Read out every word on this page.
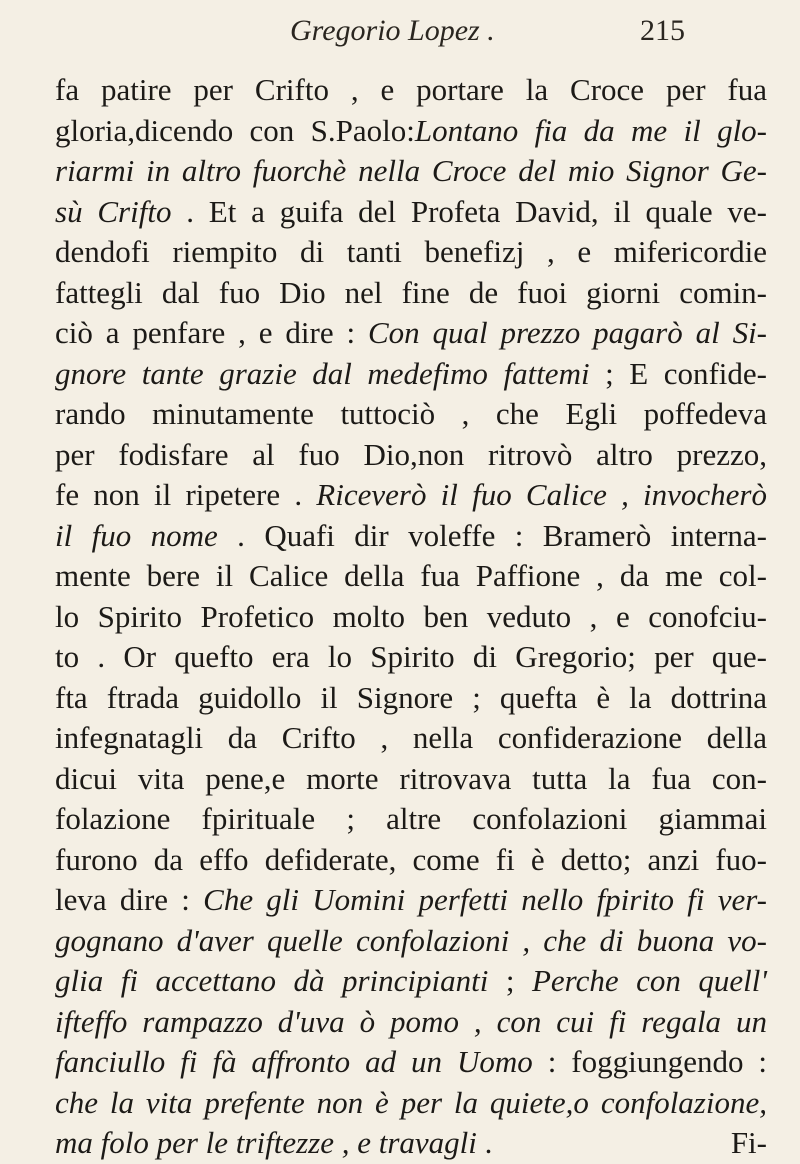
Gregorio Lopez .	215
fa patire per Crifto , e portare la Croce per fua
gloria,dicendo con S.Paolo:Lontano fia da me il glo-
riarmi in altro fuorchè nella Croce del mio Signor Ge-
sù Crifto . Et a guifa del Profeta David, il quale ve-
dendofi riempito di tanti benefizj , e mifericordie
fattegli dal fuo Dio nel fine de fuoi giorni comin-
ciò a penfare , e dire : Con qual prezzo pagarò al Si-
gnore tante grazie dal medefimo fattemi ; E confide-
rando minutamente tuttociò , che Egli poffedeva
per fodisfare al fuo Dio,non ritrovò altro prezzo,
fe non il ripetere . Riceverò il fuo Calice , invocherò
il fuo nome . Quafi dir voleffe : Bramerò interna-
mente bere il Calice della fua Paffione , da me col-
lo Spirito Profetico molto ben veduto , e conofciu-
to . Or quefto era lo Spirito di Gregorio; per que-
fta ftrada guidollo il Signore ; quefta è la dottrina
infegnatagli da Crifto , nella confiderazione della
dicui vita pene,e morte ritrovava tutta la fua con-
folazione fpirituale ; altre confolazioni giammai
furono da effo defiderate, come fi è detto; anzi fuo-
leva dire : Che gli Uomini perfetti nello fpirito fi ver-
gognano d'aver quelle confolazioni , che di buona vo-
glia fi accettano dà principianti ; Perche con quell'
ifteffo rampazzo d'uva ò pomo , con cui fi regala un
fanciullo fi fà affronto ad un Uomo : foggiungendo :
che la vita prefente non è per la quiete,o confolazione,
ma folo per le triftezze , e travagli .	Fi-
